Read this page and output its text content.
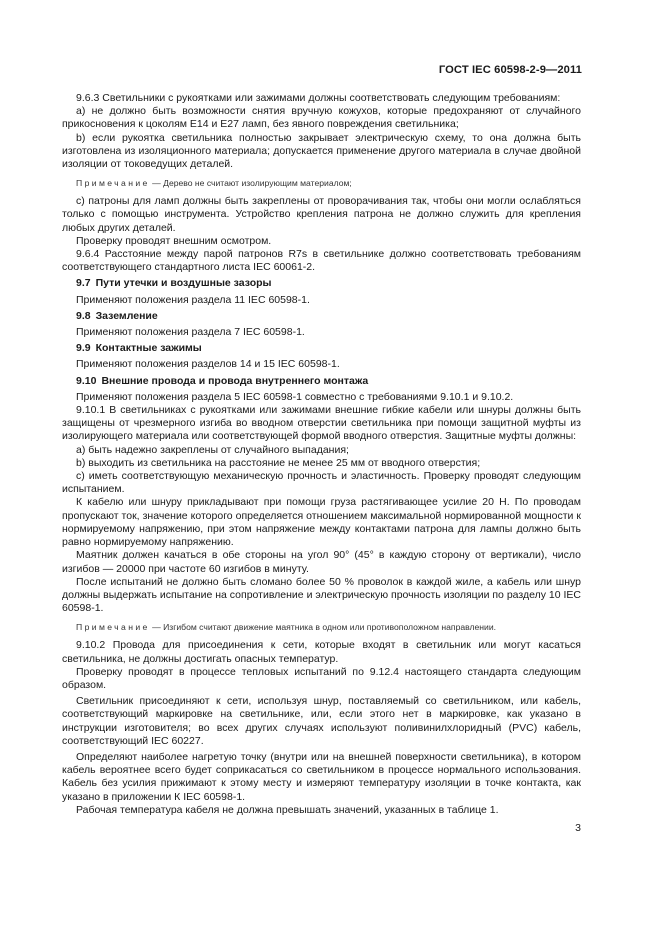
ГОСТ IEC 60598-2-9—2011

9.6.3 Светильники с рукоятками или зажимами должны соответствовать следующим требованиям:

a) не должно быть возможности снятия вручную кожухов, которые предохраняют от случайного прикосновения к цоколям E14 и E27 ламп, без явного повреждения светильника;

b) если рукоятка светильника полностью закрывает электрическую схему, то она должна быть изготовлена из изоляционного материала; допускается применение другого материала в случае двойной изоляции от токоведущих деталей.

Примечание — Дерево не считают изолирующим материалом;

c) патроны для ламп должны быть закреплены от проворачивания так, чтобы они могли ослабляться только с помощью инструмента. Устройство крепления патрона не должно служить для крепления любых других деталей.

Проверку проводят внешним осмотром.

9.6.4 Расстояние между парой патронов R7s в светильнике должно соответствовать требованиям соответствующего стандартного листа IEC 60061-2.

9.7 Пути утечки и воздушные зазоры

Применяют положения раздела 11 IEC 60598-1.

9.8 Заземление

Применяют положения раздела 7 IEC 60598-1.

9.9 Контактные зажимы

Применяют положения разделов 14 и 15 IEC 60598-1.

9.10 Внешние провода и провода внутреннего монтажа

Применяют положения раздела 5 IEC 60598-1 совместно с требованиями 9.10.1 и 9.10.2.

9.10.1 В светильниках с рукоятками или зажимами внешние гибкие кабели или шнуры должны быть защищены от чрезмерного изгиба во вводном отверстии светильника при помощи защитной муфты из изолирующего материала или соответствующей формой вводного отверстия. Защитные муфты должны:

a) быть надежно закреплены от случайного выпадания;

b) выходить из светильника на расстояние не менее 25 мм от вводного отверстия;

c) иметь соответствующую механическую прочность и эластичность. Проверку проводят следующим испытанием.

К кабелю или шнуру прикладывают при помощи груза растягивающее усилие 20 Н. По проводам пропускают ток, значение которого определяется отношением максимальной нормированной мощности к нормируемому напряжению, при этом напряжение между контактами патрона для лампы должно быть равно нормируемому напряжению.

Маятник должен качаться в обе стороны на угол 90° (45° в каждую сторону от вертикали), число изгибов — 20000 при частоте 60 изгибов в минуту.

После испытаний не должно быть сломано более 50 % проволок в каждой жиле, а кабель или шнур должны выдержать испытание на сопротивление и электрическую прочность изоляции по разделу 10 IEC 60598-1.

Примечание — Изгибом считают движение маятника в одном или противоположном направлении.

9.10.2 Провода для присоединения к сети, которые входят в светильник или могут касаться светильника, не должны достигать опасных температур.

Проверку проводят в процессе тепловых испытаний по 9.12.4 настоящего стандарта следующим образом.

Светильник присоединяют к сети, используя шнур, поставляемый со светильником, или кабель, соответствующий маркировке на светильнике, или, если этого нет в маркировке, как указано в инструкции изготовителя; во всех других случаях используют поливинилхлоридный (PVC) кабель, соответствующий IEC 60227.

Определяют наиболее нагретую точку (внутри или на внешней поверхности светильника), в котором кабель вероятнее всего будет соприкасаться со светильником в процессе нормального использования. Кабель без усилия прижимают к этому месту и измеряют температуру изоляции в точке контакта, как указано в приложении К IEC 60598-1.

Рабочая температура кабеля не должна превышать значений, указанных в таблице 1.

3
